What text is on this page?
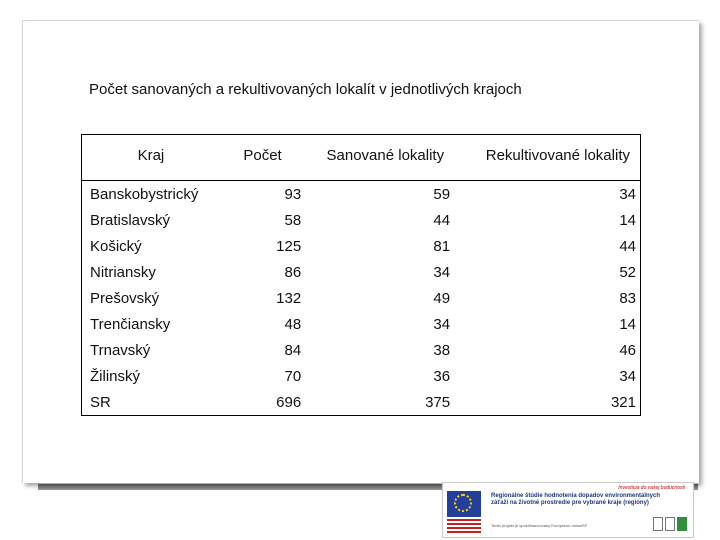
Počet sanovaných a rekultivovaných lokalít v jednotlivých krajoch
Kraj	Počet	Sanované lokality	Rekultivované lokality
Banskobystrický	93	59	34
Bratislavský	58	44	14
Košický	125	81	44
Nitriansky	86	34	52
Prešovský	132	49	83
Trenčiansky	48	34	14
Trnavský	84	38	46
Žilinský	70	36	34
SR	696	375	321
Investícia do vašej budúcnosti
Regionálne štúdie hodnotenia dopadov environmentálnych
záťaží na životné prostredie pre vybrané kraje (regióny)
Tento projekt je spolufinancovaný Európskou úniou/KF
